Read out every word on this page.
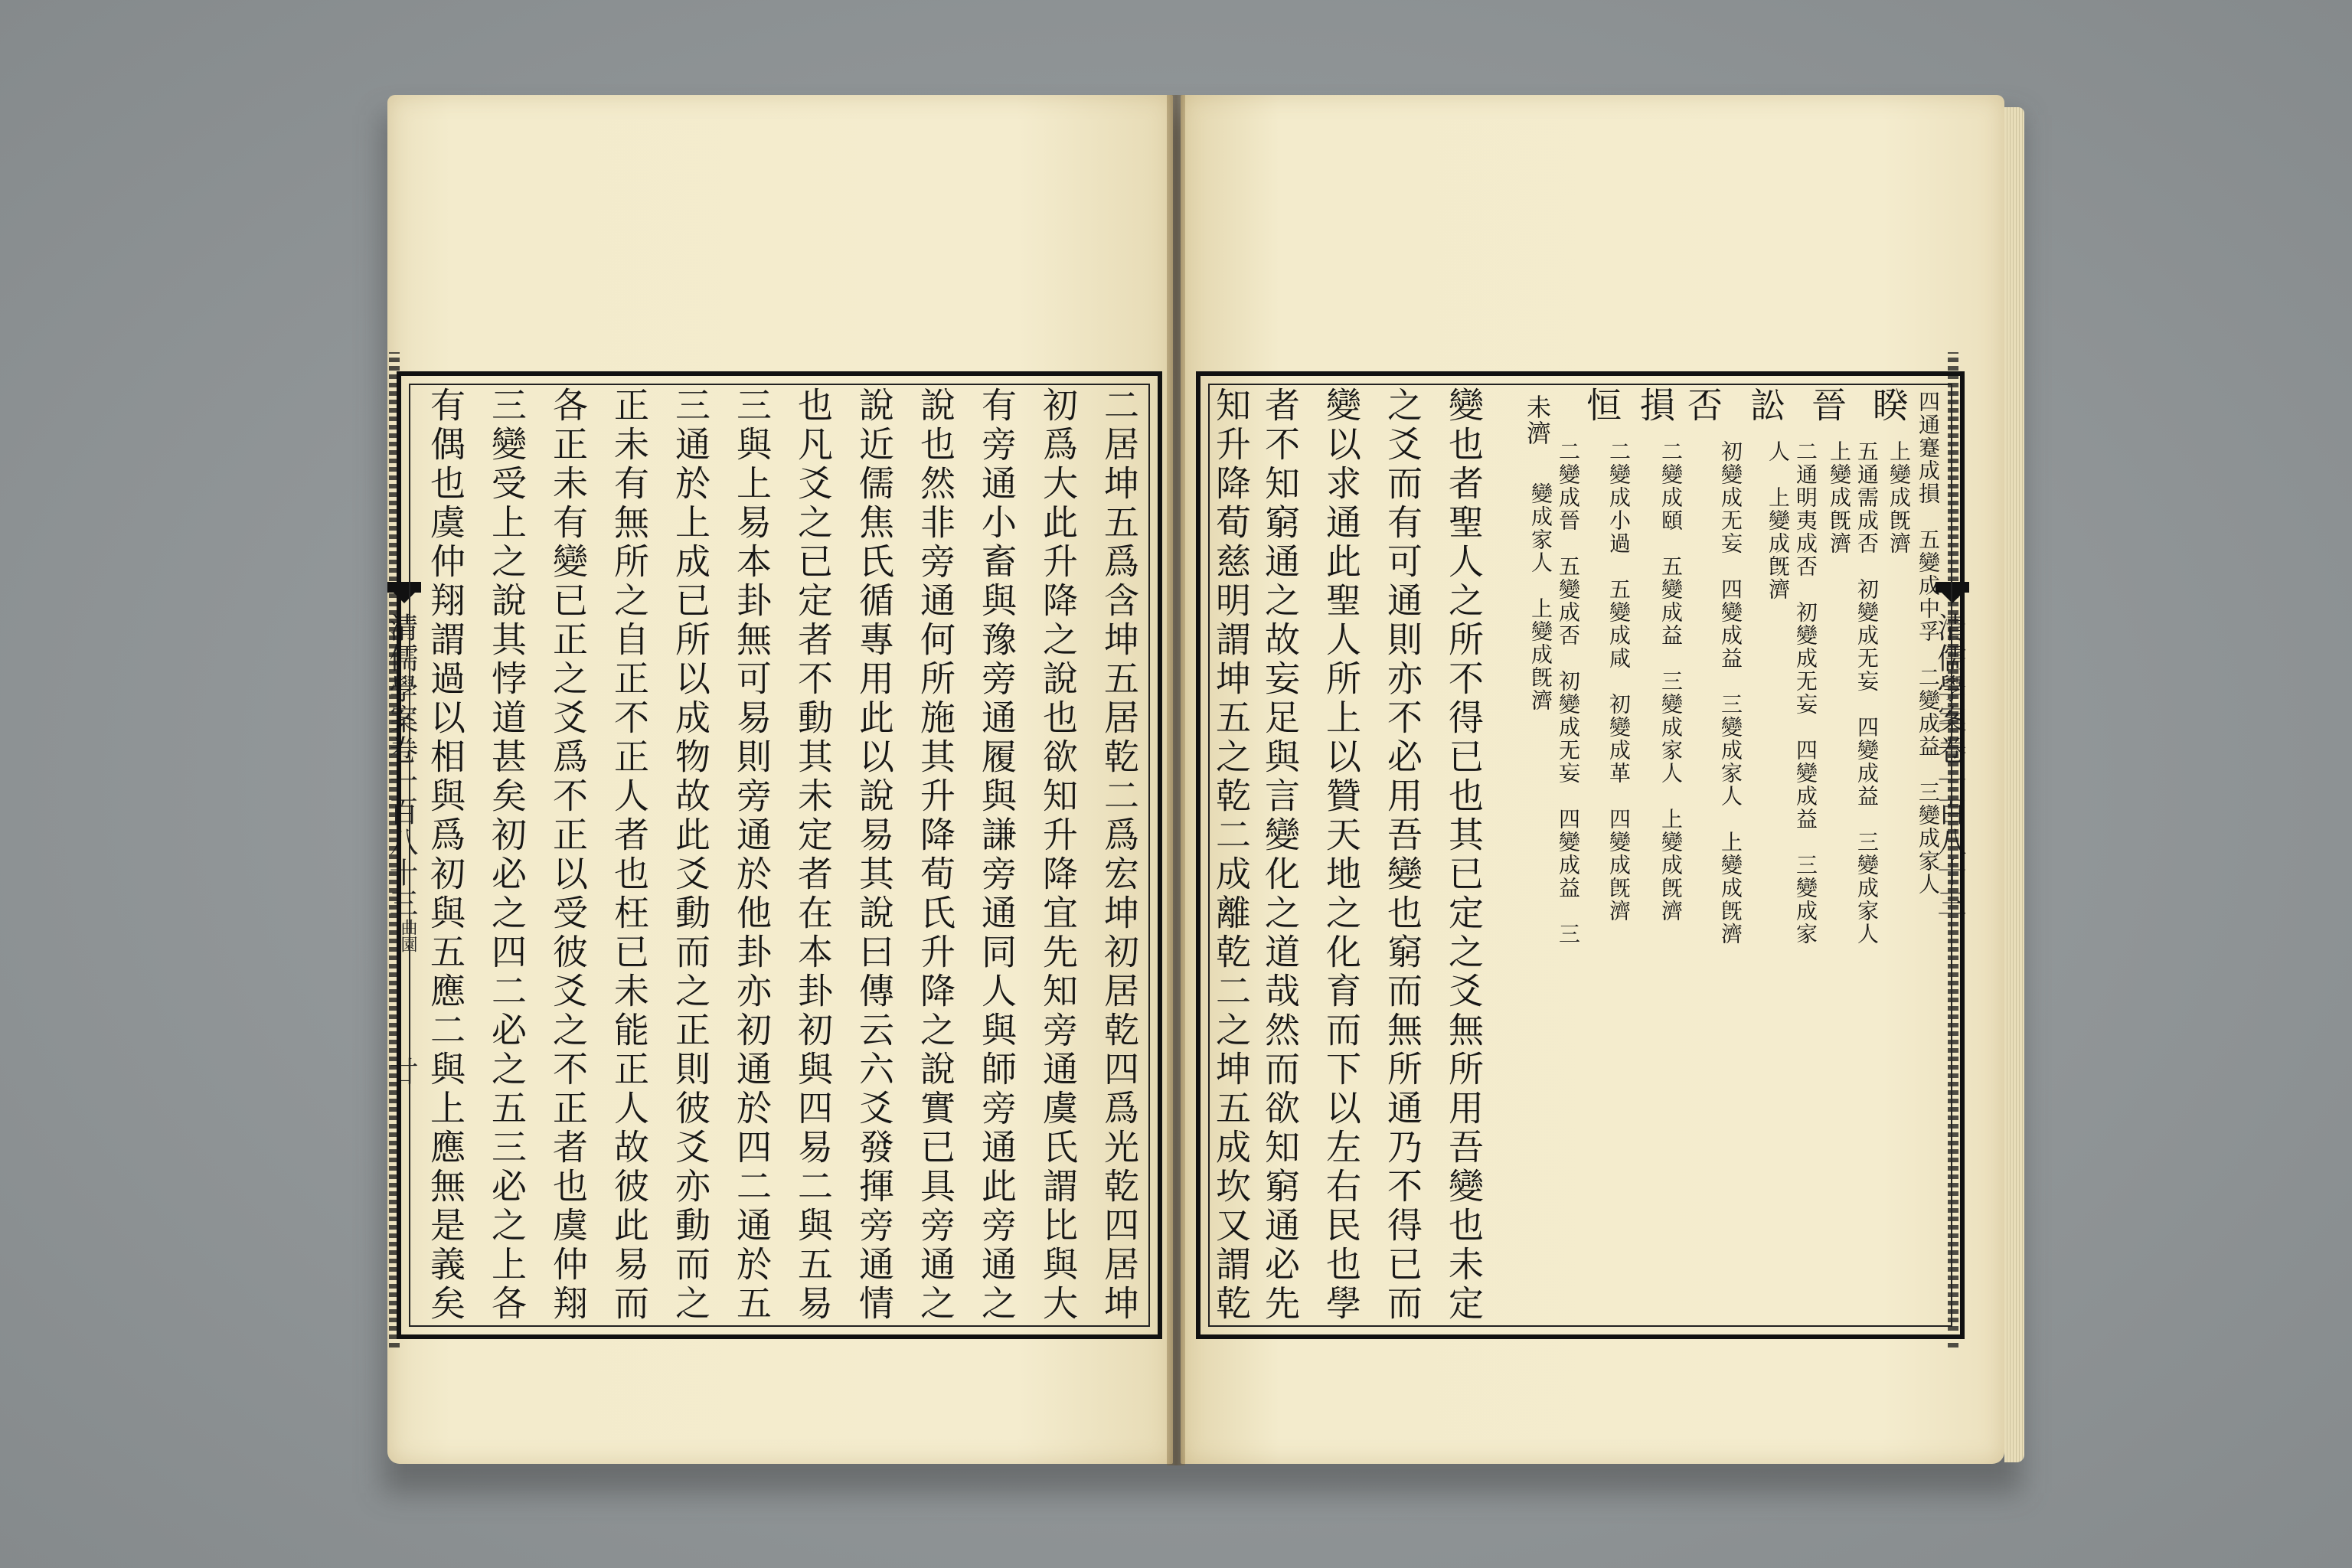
清儒學案卷一百八十三
曲園
廿	二居坤五爲含坤五居乾二爲宏坤初居乾四爲光乾四居坤
初爲大此升降之說也欲知升降宜先知旁通虞氏謂比與大
有旁通小畜與豫旁通履與謙旁通同人與師旁通此旁通之
說也然非旁通何所施其升降荀氏升降之說實已具旁通之
說近儒焦氏循專用此以說易其說曰傳云六爻發揮旁通情
也凡爻之已定者不動其未定者在本卦初與四易二與五易
三與上易本卦無可易則旁通於他卦亦初通於四二通於五
三通於上成已所以成物故此爻動而之正則彼爻亦動而之
正未有無所之自正不正人者也枉已未能正人故彼此易而
各正未有變已正之爻爲不正以受彼爻之不正者也虞仲翔
三變受上之說其悖道甚矣初必之四二必之五三必之上各
有偶也虞仲翔謂過以相與爲初與五應二與上應無是義矣	清儒學案卷一百八十三
睽 四通蹇成損　五變成中孚　二變成益　三變成家人
上變成旣濟
晉
五通需成否　初變成无妄　四變成益　三變成家人
上變成旣濟
訟
二通明夷成否　初變成无妄　四變成益　三變成家
人　上變成旣濟
否
初變成无妄　四變成益　三變成家人　上變成旣濟
損
二變成頤　五變成益　三變成家人　上變成旣濟
恒
二變成小過　五變成咸　初變成革　四變成旣濟
未濟
二變成晉　五變成否　初變成无妄　四變成益　三
變成家人　上變成旣濟
變也者聖人之所不得已也其已定之爻無所用吾變也未定
之爻而有可通則亦不必用吾變也窮而無所通乃不得已而
變以求通此聖人所上以贊天地之化育而下以左右民也學
者不知窮通之故妄足與言變化之道哉然而欲知窮通必先
知升降荀慈明謂坤五之乾二成離乾二之坤五成坎又謂乾
